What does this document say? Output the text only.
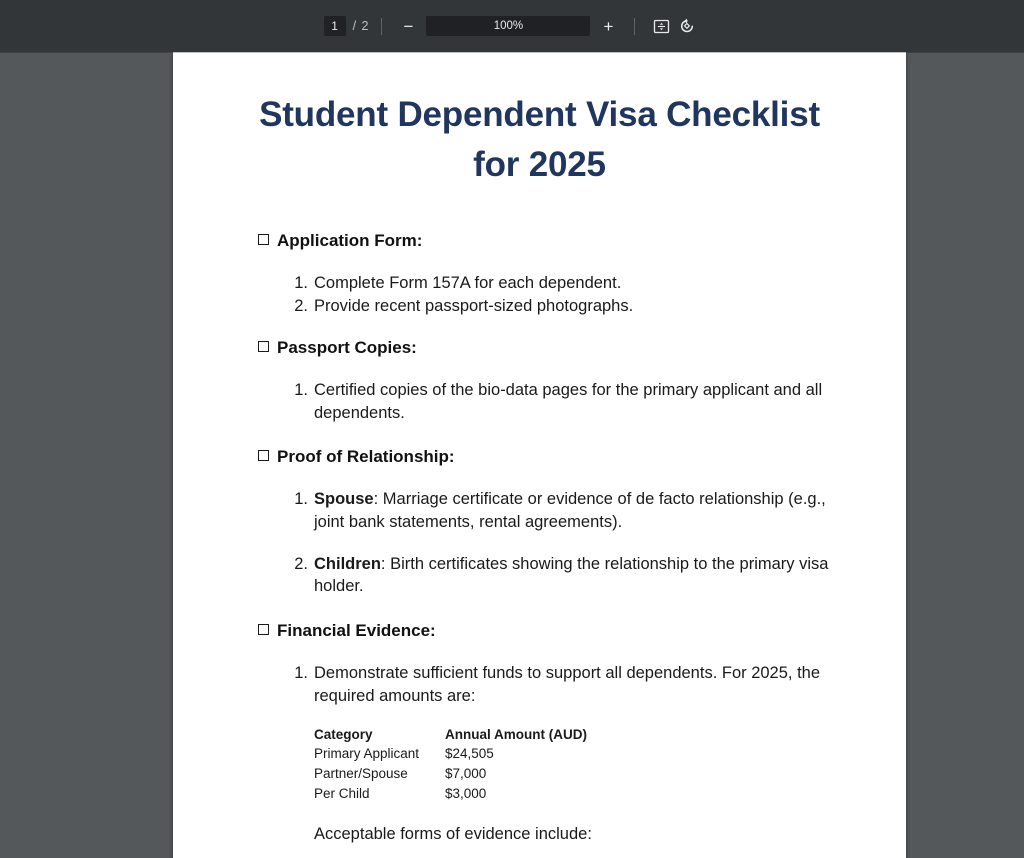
1
/ 2 −
100%	+
Student Dependent Visa Checklist for 2025
Application Form:
Complete Form 157A for each dependent.
Provide recent passport-sized photographs.
Passport Copies:
Certified copies of the bio-data pages for the primary applicant and all dependents.
Proof of Relationship:
Spouse: Marriage certificate or evidence of de facto relationship (e.g., joint bank statements, rental agreements).
Children: Birth certificates showing the relationship to the primary visa holder.
Financial Evidence:
Demonstrate sufficient funds to support all dependents. For 2025, the required amounts are:
Category	Annual Amount (AUD)
Primary Applicant	$24,505
Partner/Spouse	$7,000
Per Child	$3,000

Acceptable forms of evidence include:
